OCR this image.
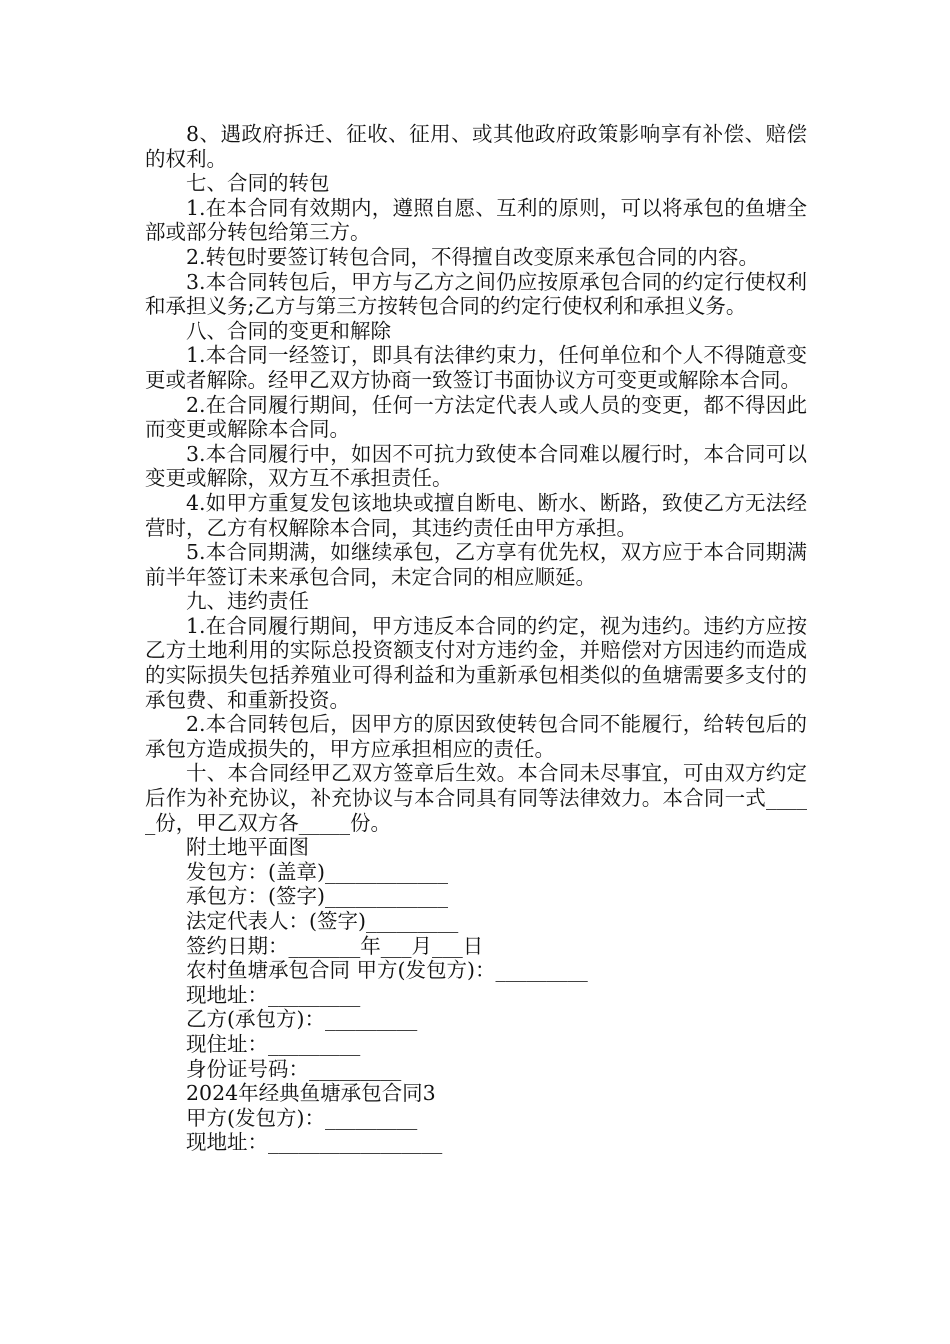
8、遇政府拆迁、征收、征用、或其他政府政策影响享有补偿、赔偿的权利。

七、合同的转包

1.在本合同有效期内，遵照自愿、互利的原则，可以将承包的鱼塘全部或部分转包给第三方。

2.转包时要签订转包合同，不得擅自改变原来承包合同的内容。

3.本合同转包后，甲方与乙方之间仍应按原承包合同的约定行使权利和承担义务;乙方与第三方按转包合同的约定行使权利和承担义务。

八、合同的变更和解除

1.本合同一经签订，即具有法律约束力，任何单位和个人不得随意变更或者解除。经甲乙双方协商一致签订书面协议方可变更或解除本合同。

2.在合同履行期间，任何一方法定代表人或人员的变更，都不得因此而变更或解除本合同。

3.本合同履行中，如因不可抗力致使本合同难以履行时，本合同可以变更或解除，双方互不承担责任。

4.如甲方重复发包该地块或擅自断电、断水、断路，致使乙方无法经营时，乙方有权解除本合同，其违约责任由甲方承担。

5.本合同期满，如继续承包，乙方享有优先权，双方应于本合同期满前半年签订未来承包合同，未定合同的相应顺延。

九、违约责任

1.在合同履行期间，甲方违反本合同的约定，视为违约。违约方应按乙方土地利用的实际总投资额支付对方违约金，并赔偿对方因违约而造成的实际损失包括养殖业可得利益和为重新承包相类似的鱼塘需要多支付的承包费、和重新投资。

2.本合同转包后，因甲方的原因致使转包合同不能履行，给转包后的承包方造成损失的，甲方应承担相应的责任。

十、本合同经甲乙双方签章后生效。本合同未尽事宜，可由双方约定后作为补充协议，补充协议与本合同具有同等法律效力。本合同一式_____份，甲乙双方各_____份。

附土地平面图

发包方：(盖章)____________

承包方：(签字)____________

法定代表人：(签字)_________

签约日期：_______年___月___日

农村鱼塘承包合同 甲方(发包方)：_________

现地址：_________

乙方(承包方)：_________

现住址：_________

身份证号码：_________

2024年经典鱼塘承包合同3

甲方(发包方)：_________

现地址：_________________
